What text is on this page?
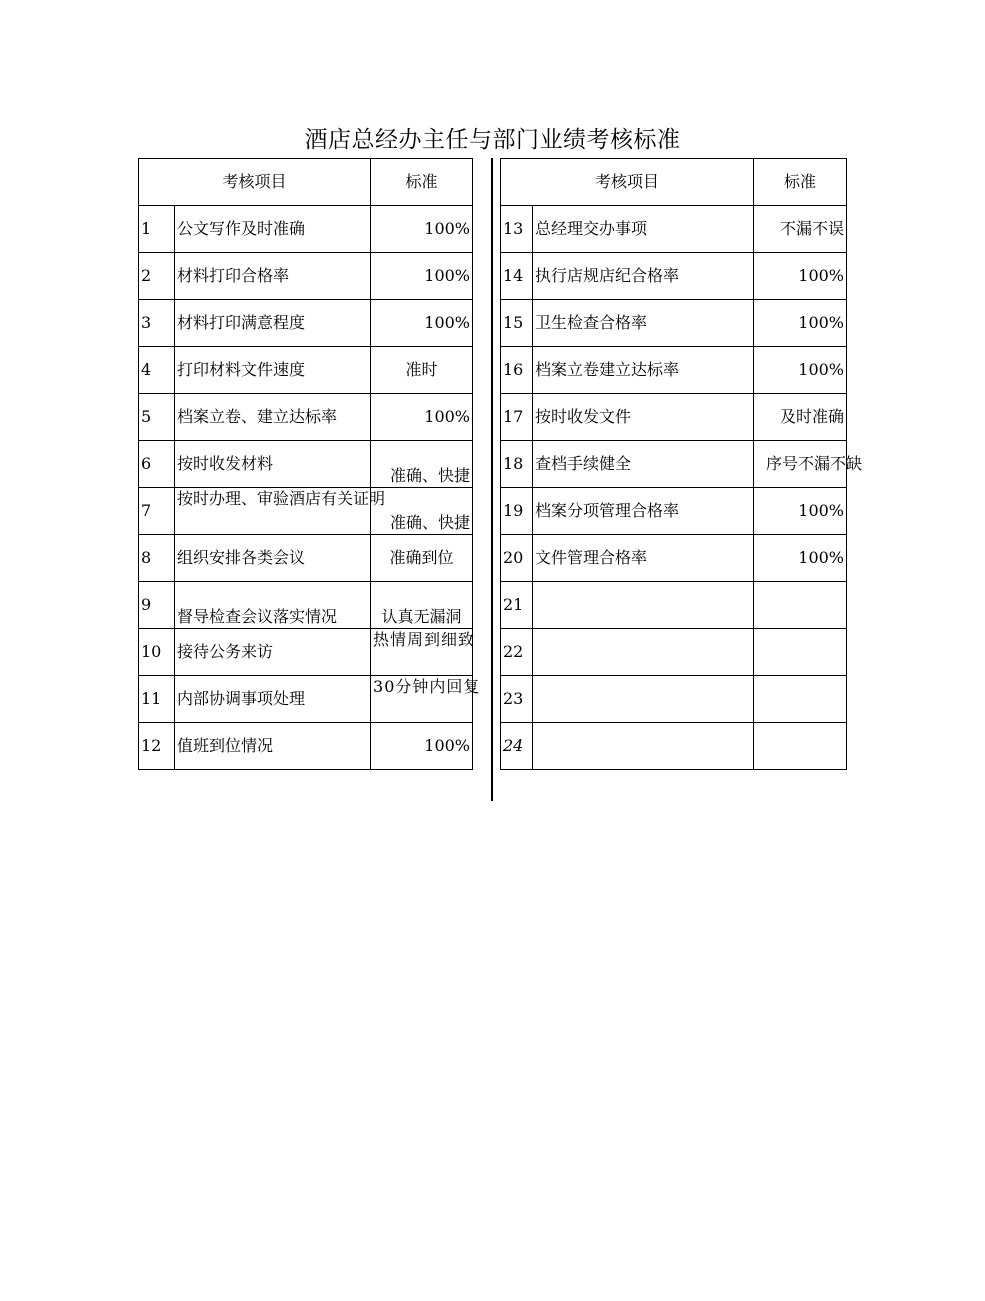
酒店总经办主任与部门业绩考核标准
考核项目		标准
1	公文写作及时准确	100%
2	材料打印合格率	100%
3	材料打印满意程度	100%
4	打印材料文件速度	准时
5	档案立卷、建立达标率	100%
6	按时收发材料	准确、快捷
7	按时办理、审验酒店有关证明	准确、快捷
8	组织安排各类会议	准确到位
9	督导检查会议落实情况	认真无漏洞
10	接待公务来访	热情周到细致
11	内部协调事项处理	30分钟内回复
12	值班到位情况	100%
考核项目		标准
13	总经理交办事项	不漏不误
14	执行店规店纪合格率	100%
15	卫生检查合格率	100%
16	档案立卷建立达标率	100%
17	按时收发文件	及时准确
18	查档手续健全	序号不漏不缺
19	档案分项管理合格率	100%
20	文件管理合格率	100%
21		
22		
23		
24		
